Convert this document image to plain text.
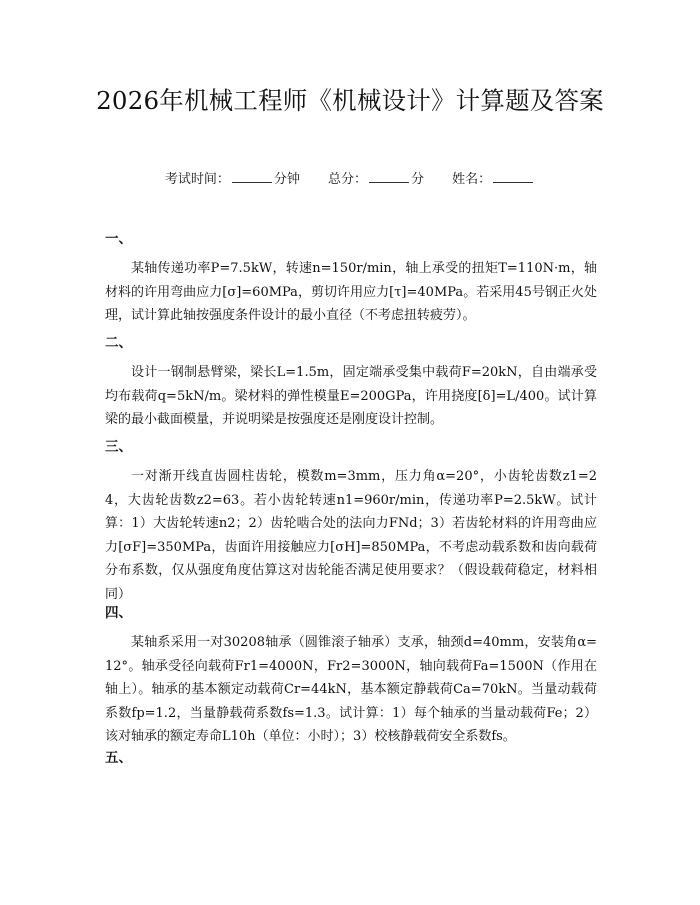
2026年机械工程师《机械设计》计算题及答案
考试时间：	分钟 总分：	分 姓名：
一、
某轴传递功率P=7.5kW，转速n=150r/min，轴上承受的扭矩T=110N·m，轴材料的许用弯曲应力[σ]=60MPa，剪切许用应力[τ]=40MPa。若采用45号钢正火处理，试计算此轴按强度条件设计的最小直径（不考虑扭转疲劳）。
二、
设计一钢制悬臂梁，梁长L=1.5m，固定端承受集中载荷F=20kN，自由端承受均布载荷q=5kN/m。梁材料的弹性模量E=200GPa，许用挠度[δ]=L/400。试计算梁的最小截面模量，并说明梁是按强度还是刚度设计控制。
三、
一对渐开线直齿圆柱齿轮，模数m=3mm，压力角α=20°，小齿轮齿数z1=24，大齿轮齿数z2=63。若小齿轮转速n1=960r/min，传递功率P=2.5kW。试计算：1）大齿轮转速n2；2）齿轮啮合处的法向力FNd；3）若齿轮材料的许用弯曲应力[σF]=350MPa，齿面许用接触应力[σH]=850MPa，不考虑动载系数和齿向载荷分布系数，仅从强度角度估算这对齿轮能否满足使用要求？（假设载荷稳定，材料相同）
四、
某轴系采用一对30208轴承（圆锥滚子轴承）支承，轴颈d=40mm，安装角α=12°。轴承受径向载荷Fr1=4000N，Fr2=3000N，轴向载荷Fa=1500N（作用在轴上）。轴承的基本额定动载荷Cr=44kN，基本额定静载荷Ca=70kN。当量动载荷系数fp=1.2，当量静载荷系数fs=1.3。试计算：1）每个轴承的当量动载荷Fe；2）该对轴承的额定寿命L10h（单位：小时）；3）校核静载荷安全系数fs。
五、
